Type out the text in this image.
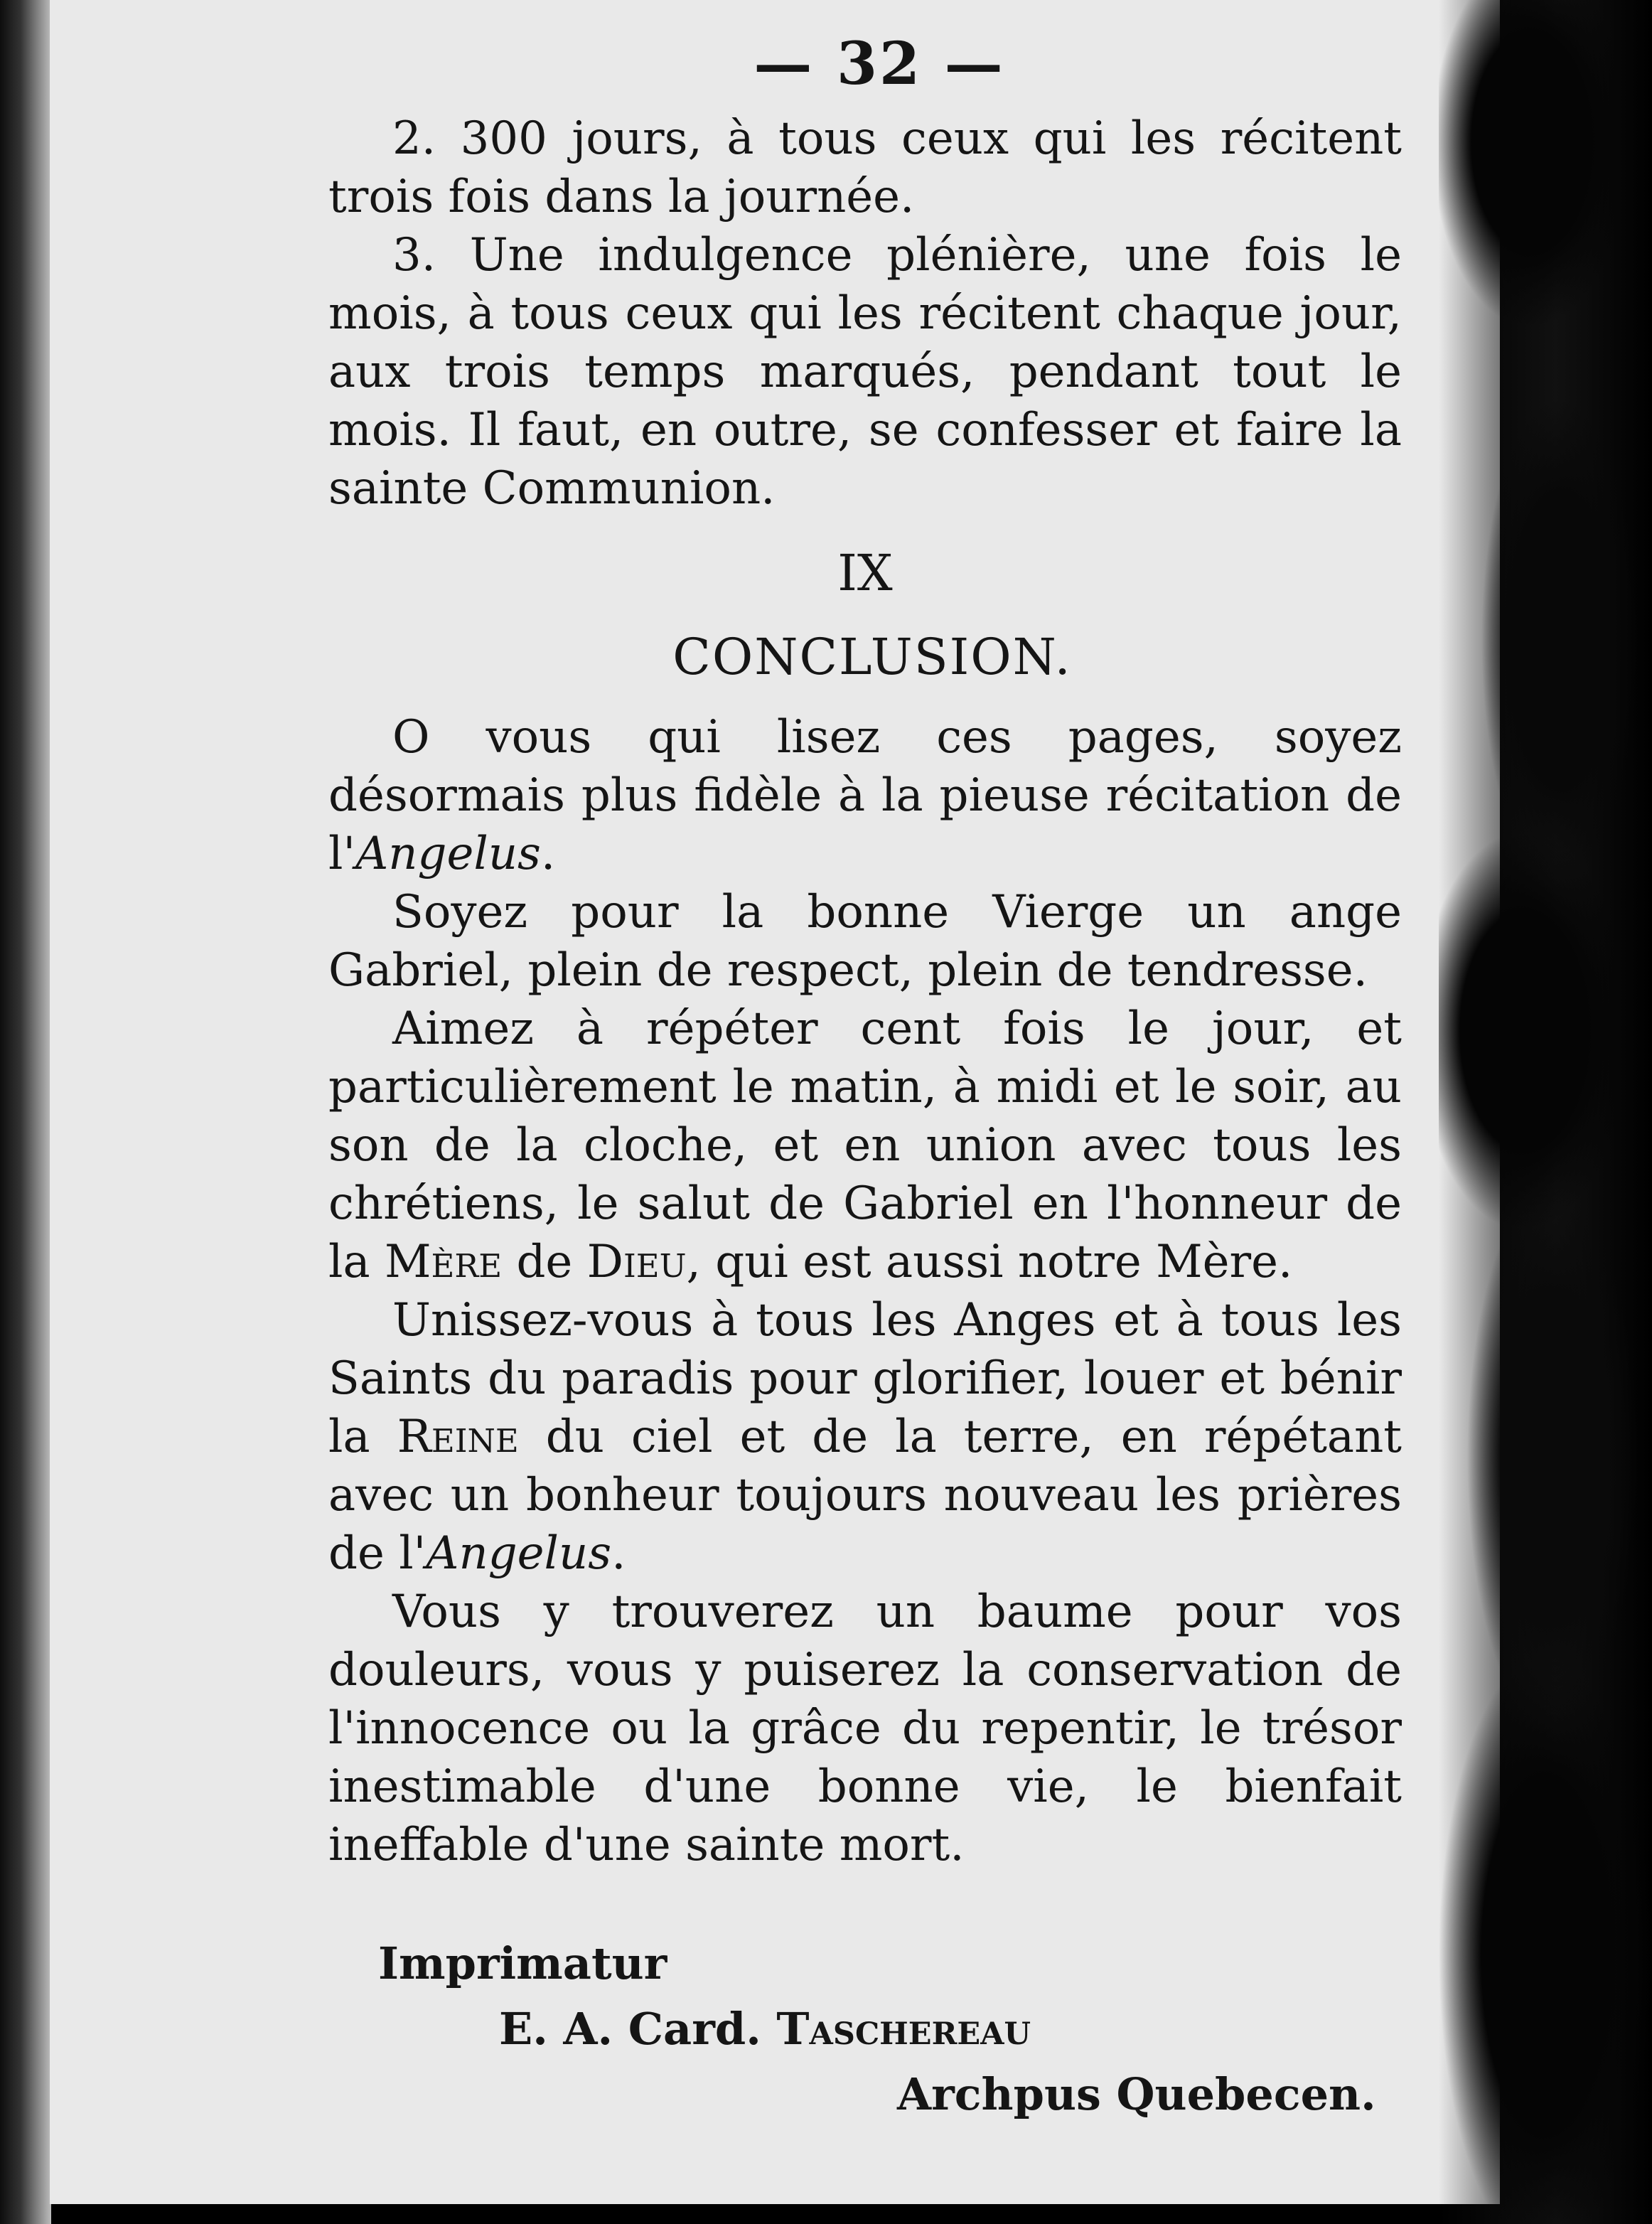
— 32 —

2. 300 jours, à tous ceux qui les récitent trois fois dans la journée.

3. Une indulgence plénière, une fois le mois, à tous ceux qui les récitent chaque jour, aux trois temps marqués, pendant tout le mois. Il faut, en outre, se confesser et faire la sainte Communion.

IX
CONCLUSION.

O vous qui lisez ces pages, soyez désormais plus fidèle à la pieuse récitation de l'Angelus.

Soyez pour la bonne Vierge un ange Gabriel, plein de respect, plein de tendresse.

Aimez à répéter cent fois le jour, et particulièrement le matin, à midi et le soir, au son de la cloche, et en union avec tous les chrétiens, le salut de Gabriel en l'honneur de la Mère de Dieu, qui est aussi notre Mère.

Unissez-vous à tous les Anges et à tous les Saints du paradis pour glorifier, louer et bénir la Reine du ciel et de la terre, en répétant avec un bonheur toujours nouveau les prières de l'Angelus.

Vous y trouverez un baume pour vos douleurs, vous y puiserez la conservation de l'innocence ou la grâce du repentir, le trésor inestimable d'une bonne vie, le bienfait ineffable d'une sainte mort.

Imprimatur
E. A. Card. Taschereau
Archpus Quebecen.
